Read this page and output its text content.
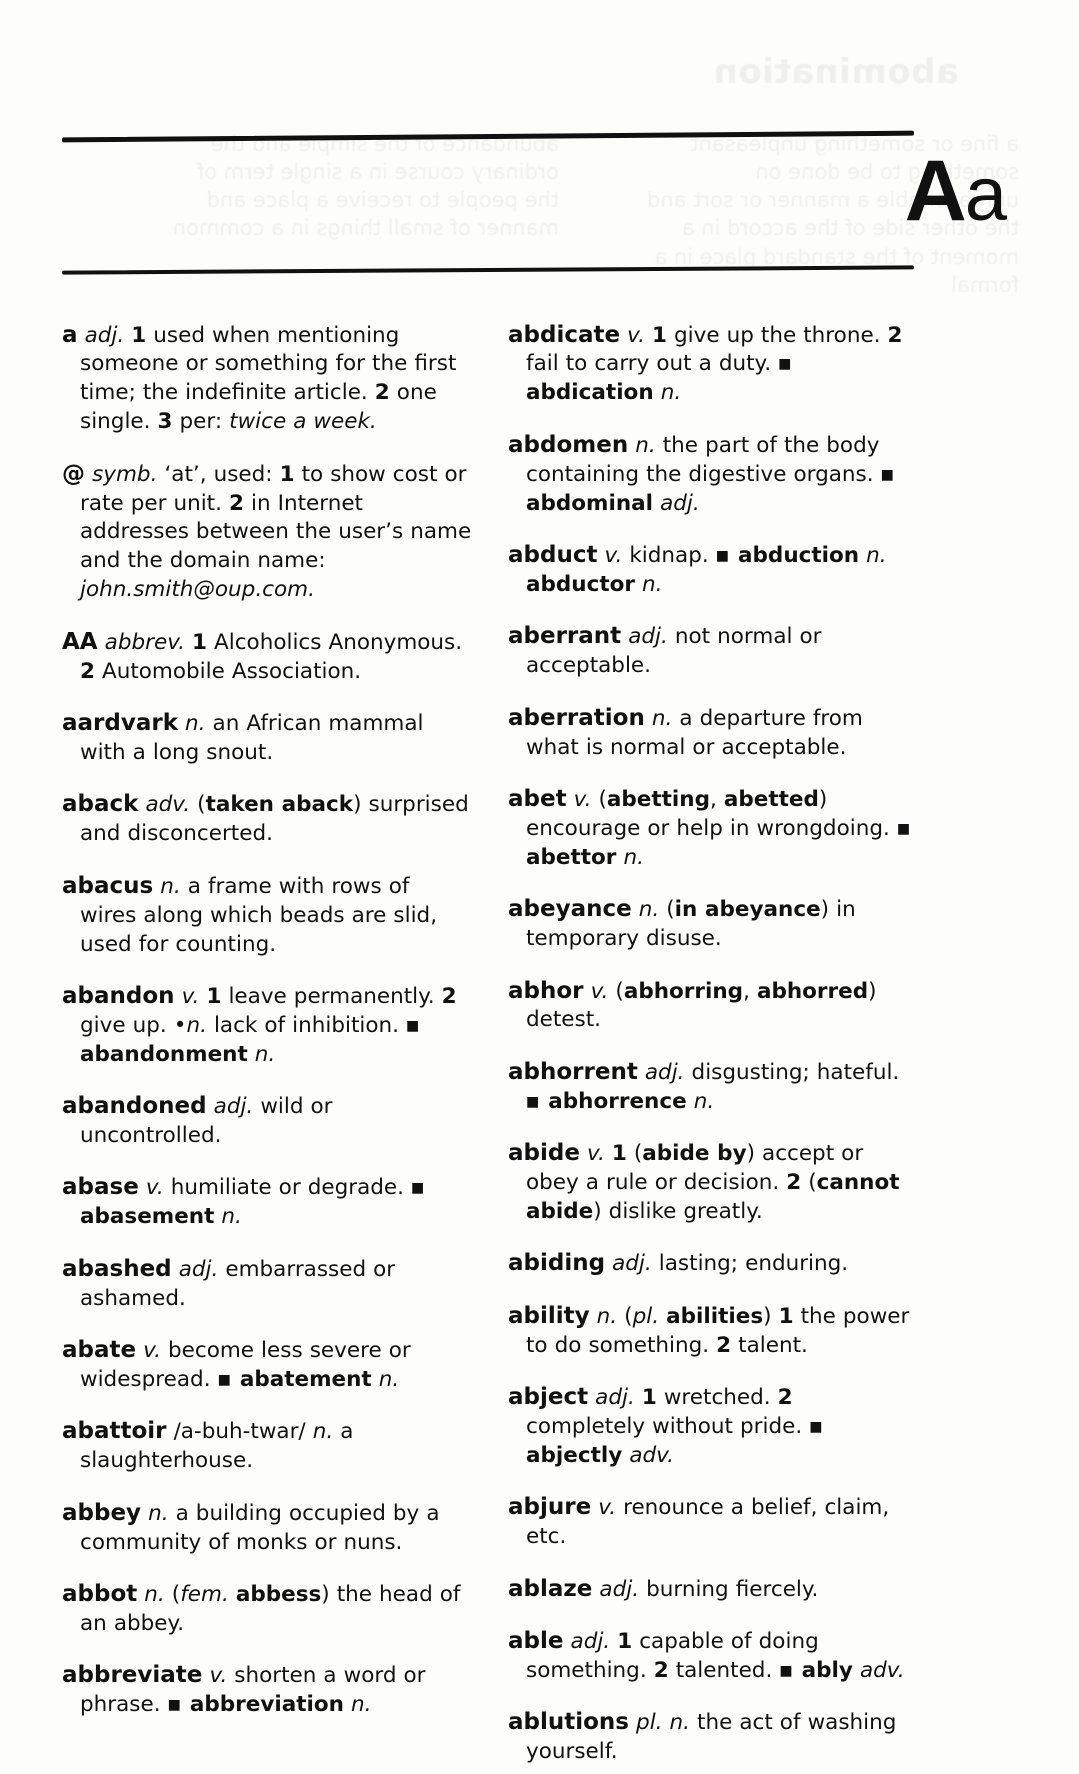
abomination
a fine or something unpleasant something to be done on unreasonable a manner or sort and the other side of the accord in a moment of the standard place in a formal
abundance of the simple and the ordinary course in a single term of the people to receive a place and manner of small things in a common	Aa

a adj. 1 used when mentioning someone or something for the first time; the indefinite article. 2 one single. 3 per: twice a week.

@ symb. ‘at’, used: 1 to show cost or rate per unit. 2 in Internet addresses between the user’s name and the domain name: john.smith@oup.com.

AA abbrev. 1 Alcoholics Anonymous. 2 Automobile Association.

aardvark n. an African mammal with a long snout.

aback adv. (taken aback) surprised and disconcerted.

abacus n. a frame with rows of wires along which beads are slid, used for counting.

abandon v. 1 leave permanently. 2 give up. •n. lack of inhibition. ■ abandonment n.

abandoned adj. wild or uncontrolled.

abase v. humiliate or degrade. ■ abasement n.

abashed adj. embarrassed or ashamed.

abate v. become less severe or widespread. ■ abatement n.

abattoir /a-buh-twar/ n. a slaughterhouse.

abbey n. a building occupied by a community of monks or nuns.

abbot n. (fem. abbess) the head of an abbey.

abbreviate v. shorten a word or phrase. ■ abbreviation n.

abdicate v. 1 give up the throne. 2 fail to carry out a duty. ■ abdication n.

abdomen n. the part of the body containing the digestive organs. ■ abdominal adj.

abduct v. kidnap. ■ abduction n. abductor n.

aberrant adj. not normal or acceptable.

aberration n. a departure from what is normal or acceptable.

abet v. (abetting, abetted) encourage or help in wrongdoing. ■ abettor n.

abeyance n. (in abeyance) in temporary disuse.

abhor v. (abhorring, abhorred) detest.

abhorrent adj. disgusting; hateful. ■ abhorrence n.

abide v. 1 (abide by) accept or obey a rule or decision. 2 (cannot abide) dislike greatly.

abiding adj. lasting; enduring.

ability n. (pl. abilities) 1 the power to do something. 2 talent.

abject adj. 1 wretched. 2 completely without pride. ■ abjectly adv.

abjure v. renounce a belief, claim, etc.

ablaze adj. burning fiercely.

able adj. 1 capable of doing something. 2 talented. ■ ably adv.

ablutions pl. n. the act of washing yourself.
